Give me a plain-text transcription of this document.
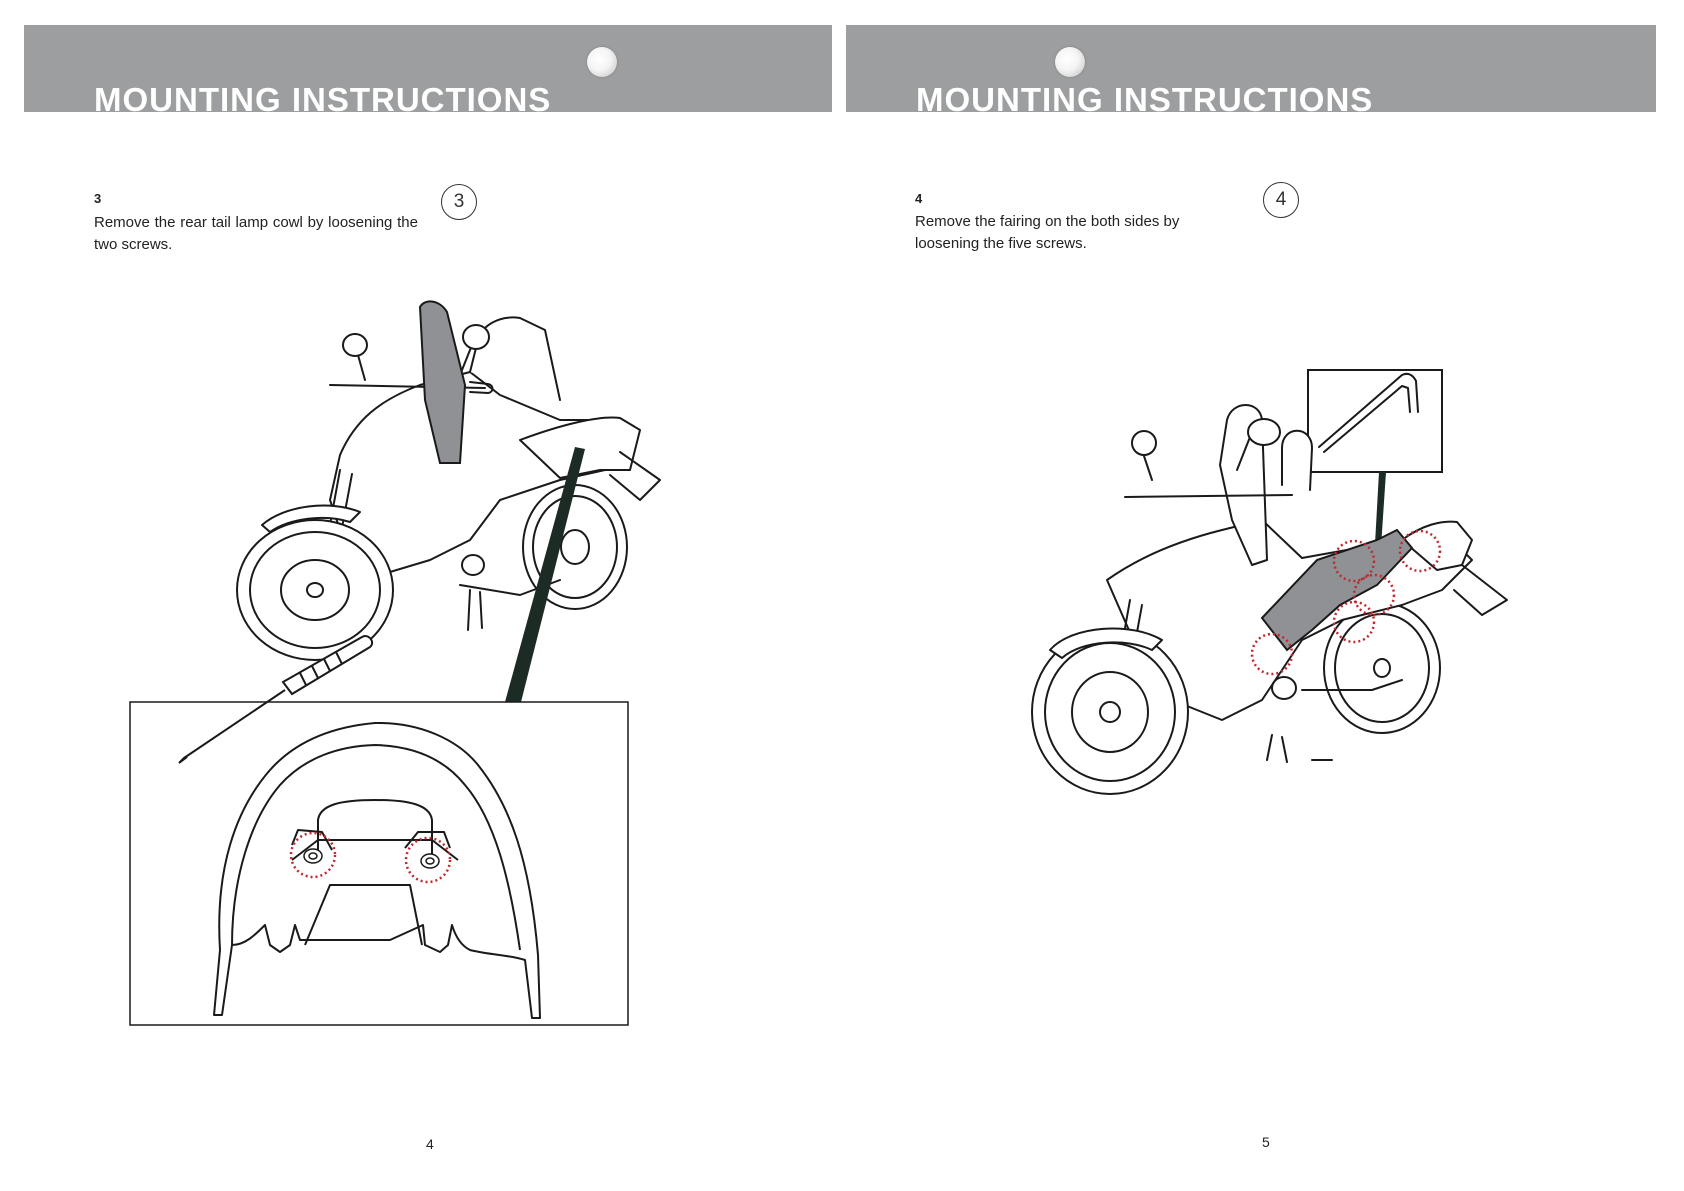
MOUNTING INSTRUCTIONS
3
Remove the rear tail lamp cowl by loosening the two screws.
3
4
MOUNTING INSTRUCTIONS
4
Remove the fairing on the both sides by loosening the five screws.
4
5
